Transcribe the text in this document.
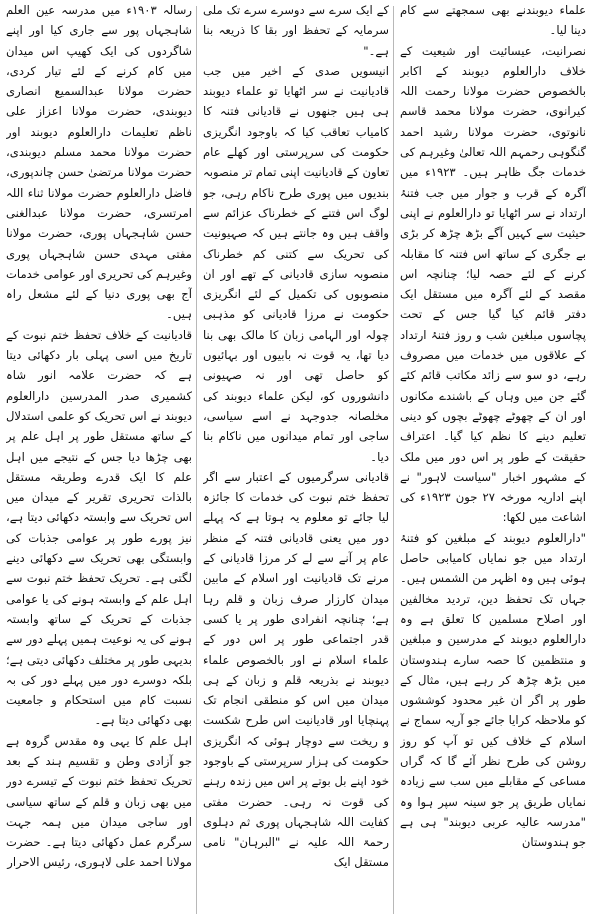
علماء دیوبندنے بھی سمجھتے سے کام دینا لیا۔

نصرانیت، عیسائیت اور شیعیت کے خلاف دارالعلوم دیوبند کے اکابر بالخصوص حضرت مولانا رحمت اللہ کیرانوی، حضرت مولانا محمد قاسم نانوتوی، حضرت مولانا رشید احمد گنگوہی رحمہم اللہ تعالیٰ وغیرہم کی خدمات جگ ظاہر ہیں۔ ۱۹۲۳ء میں آگرہ کے قرب و جوار میں جب فتنۂ ارتداد نے سر اٹھایا تو دارالعلوم نے اپنی حیثیت سے کہیں آگے بڑھ چڑھ کر بڑی بے جگری کے ساتھ اس فتنہ کا مقابلہ کرنے کے لئے حصہ لیا؛ چنانچہ اس مقصد کے لئے آگرہ میں مستقل ایک دفتر قائم کیا گیا جس کے تحت پچاسوں مبلغین شب و روز فتنۂ ارتداد کے علاقوں میں خدمات میں مصروف رہے، دو سو سے زائد مکاتب قائم کئے گئے جن میں وہاں کے باشندے مکانوں اور ان کے چھوٹے چھوٹے بچوں کو دینی تعلیم دینے کا نظم کیا گیا۔ اعتراف حقیقت کے طور پر اس دور میں ملک کے مشہور اخبار "سیاست لاہور" نے اپنے اداریہ مورخہ ۲۷ جون ۱۹۲۳ء کی اشاعت میں لکھا:

"دارالعلوم دیوبند کے مبلغین کو فتنۂ ارتداد میں جو نمایاں کامیابی حاصل ہوئی ہیں وہ اظہر من الشمس ہیں۔ جہاں تک تحفظ دین، تردید مخالفین اور اصلاح مسلمین کا تعلق ہے وہ دارالعلوم دیوبند کے مدرسین و مبلغین و منتظمین کا حصہ سارے ہندوستان میں بڑھ چڑھ کر رہے ہیں، مثال کے طور پر اگر ان غیر محدود کوششوں کو ملاحظہ کرایا جائے جو آریہ سماج نے اسلام کے خلاف کیں تو آپ کو روز روشن کی طرح نظر آئے گا کہ گراں مساعی کے مقابلے میں سب سے زیادہ نمایاں طریق پر جو سینہ سپر ہوا وہ "مدرسہ عالیہ عربی دیوبند" ہی ہے جو ہندوستان

کے ایک سرے سے دوسرے سرے تک ملی سرمایہ کے تحفظ اور بقا کا ذریعہ بنا ہے۔"

انیسویں صدی کے اخیر میں جب قادیانیت نے سر اٹھایا تو علماء دیوبند ہی ہیں جنھوں نے قادیانی فتنہ کا کامیاب تعاقب کیا کہ باوجود انگریزی حکومت کی سرپرستی اور کھلے عام تعاون کے قادیانیت اپنی تمام تر منصوبہ بندیوں میں پوری طرح ناکام رہی، جو لوگ اس فتنے کے خطرناک عزائم سے واقف ہیں وہ جانتے ہیں کہ صہیونیت کی تحریک سے کتنی کم خطرناک منصوبہ سازی قادیانی کے تھے اور ان منصوبوں کی تکمیل کے لئے انگریزی حکومت نے مرزا قادیانی کو مذہبی چولہ اور الہامی زبان کا مالک بھی بنا دیا تھا، یہ قوت نہ بابیوں اور بہائیوں کو حاصل تھی اور نہ صہیونی دانشوروں کو، لیکن علماء دیوبند کی مخلصانہ جدوجہد نے اسے سیاسی، ساجی اور تمام میدانوں میں ناکام بنا دیا۔

قادیانی سرگرمیوں کے اعتبار سے اگر تحفظ ختم نبوت کی خدمات کا جائزہ لیا جائے تو معلوم یہ ہوتا ہے کہ پہلے دور میں یعنی قادیانی فتنہ کے منظر عام پر آنے سے لے کر مرزا قادیانی کے مرنے تک قادیانیت اور اسلام کے مابین میدان کارزار صرف زبان و قلم رہا ہے؛ چنانچہ انفرادی طور پر یا کسی قدر اجتماعی طور پر اس دور کے علماء اسلام نے اور بالخصوص علماء دیوبند نے بذریعہ قلم و زبان کے ہی میدان میں اس کو منطقی انجام تک پہنچایا اور قادیانیت اس طرح شکست و ریخت سے دوچار ہوئی کہ انگریزی حکومت کی ہزار سرپرستی کے باوجود خود اپنے بل بوتے پر اس میں زندہ رہنے کی قوت نہ رہی۔ حضرت مفتی کفایت اللہ شاہجہاں پوری ثم دہلوی رحمۃ اللہ علیہ نے "البرہان" نامی مستقل ایک

رسالہ ۱۹۰۳ء میں مدرسہ عین العلم شاہجہاں پور سے جاری کیا اور اپنے شاگردوں کی ایک کھیپ اس میدان میں کام کرنے کے لئے تیار کردی، حضرت مولانا عبدالسمیع انصاری دیوبندی، حضرت مولانا اعزاز علی ناظم تعلیمات دارالعلوم دیوبند اور حضرت مولانا محمد مسلم دیوبندی، حضرت مولانا مرتضیٰ حسن چاندپوری، فاضل دارالعلوم حضرت مولانا ثناء اللہ امرتسری، حضرت مولانا عبدالغنی حسن شاہجہاں پوری، حضرت مولانا مفتی مہدی حسن شاہجہاں پوری وغیرہم کی تحریری اور عوامی خدمات آج بھی پوری دنیا کے لئے مشعل راہ ہیں۔

قادیانیت کے خلاف تحفظ ختم نبوت کے تاریخ میں اسی پہلی بار دکھائی دیتا ہے کہ حضرت علامہ انور شاہ کشمیری صدر المدرسین دارالعلوم دیوبند نے اس تحریک کو علمی استدلال کے ساتھ مستقل طور پر اہل علم پر بھی چڑھا دیا جس کے نتیجے میں اہل علم کا ایک قدرے وطریقہ مستقل بالذات تحریری تقریر کے میدان میں اس تحریک سے وابستہ دکھائی دیتا ہے، نیز پورے طور پر عوامی جذبات کی وابستگی بھی تحریک سے دکھائی دینے لگتی ہے۔ تحریک تحفظ ختم نبوت سے اہل علم کے وابستہ ہونے کی یا عوامی جذبات کے تحریک کے ساتھ وابستہ ہونے کی یہ نوعیت ہمیں پہلے دور سے بدیہی طور پر مختلف دکھائی دیتی ہے؛ بلکہ دوسرے دور میں پہلے دور کی بہ نسبت کام میں استحکام و جامعیت بھی دکھائی دیتا ہے۔

اہل علم کا یہی وہ مقدس گروہ ہے جو آزادی وطن و تقسیم ہند کے بعد تحریک تحفظ ختم نبوت کے تیسرے دور میں بھی زبان و قلم کے ساتھ سیاسی اور ساجی میدان میں ہمہ جہت سرگرم عمل دکھائی دیتا ہے۔ حضرت مولانا احمد علی لاہوری، رئیس الاحرار
